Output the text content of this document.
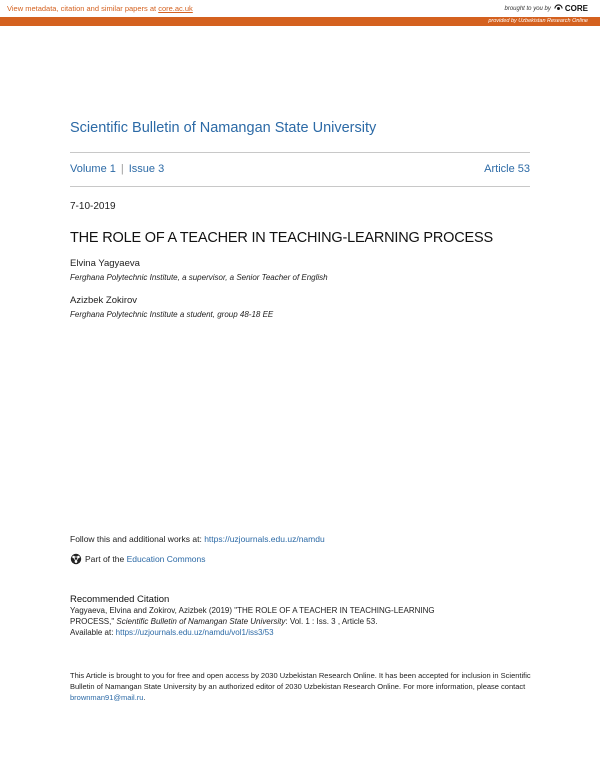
View metadata, citation and similar papers at core.ac.uk	brought to you by CORE
provided by Uzbekistan Research Online
Scientific Bulletin of Namangan State University
Volume 1 | Issue 3	Article 53
7-10-2019
THE ROLE OF A TEACHER IN TEACHING-LEARNING PROCESS
Elvina Yagyaeva
Ferghana Polytechnic Institute, a supervisor, a Senior Teacher of English
Azizbek Zokirov
Ferghana Polytechnic Institute a student, group 48-18 EE
Follow this and additional works at: https://uzjournals.edu.uz/namdu
Part of the Education Commons
Recommended Citation
Yagyaeva, Elvina and Zokirov, Azizbek (2019) "THE ROLE OF A TEACHER IN TEACHING-LEARNING
PROCESS," Scientific Bulletin of Namangan State University: Vol. 1 : Iss. 3 , Article 53.
Available at: https://uzjournals.edu.uz/namdu/vol1/iss3/53
This Article is brought to you for free and open access by 2030 Uzbekistan Research Online. It has been accepted for inclusion in Scientific Bulletin of Namangan State University by an authorized editor of 2030 Uzbekistan Research Online. For more information, please contact brownman91@mail.ru.
